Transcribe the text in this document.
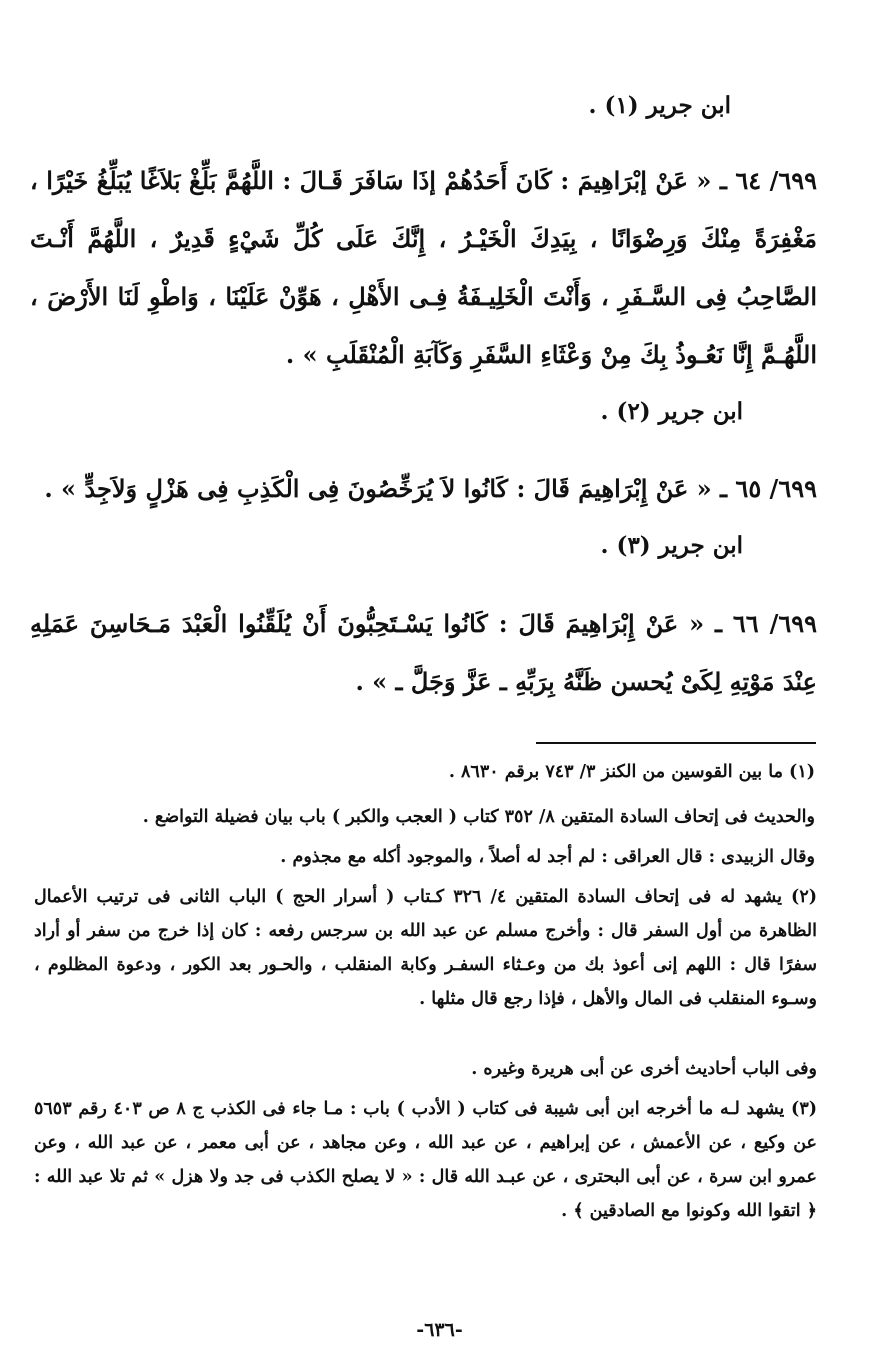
ابن جرير (١) .
٦٩٩/ ٦٤ ـ « عَنْ إبْرَاهِيمَ : كَانَ أَحَدُهُمْ إذَا سَافَرَ قَـالَ : اللَّهُمَّ بَلِّغْ بَلاَغًا يُبَلِّغُ خَيْرًا ، مَغْفِرَةً مِنْكَ وَرِضْوَانًا ، بِيَدِكَ الْخَيْـرُ ، إِنَّكَ عَلَى كُلِّ شَيْءٍ قَدِيرٌ ، اللَّهُمَّ أَنْـتَ الصَّاحِبُ فِى السَّـفَرِ ، وَأَنْتَ الْخَلِيـفَةُ فِـى الأَهْلِ ، هَوِّنْ عَلَيْنَا ، وَاطْوِ لَنَا الأَرْضَ ، اللَّهُـمَّ إِنَّا نَعُـوذُ بِكَ مِنْ وَعْثَاءِ السَّفَرِ وَكَآبَةِ الْمُنْقَلَبِ » .
ابن جرير (٢) .
٦٩٩/ ٦٥ ـ « عَنْ إِبْرَاهِيمَ قَالَ : كَانُوا لاَ يُرَخِّصُونَ فِى الْكَذِبِ فِى هَزْلٍ وَلاَجِدٍّ » .
ابن جرير (٣) .
٦٩٩/ ٦٦ ـ « عَنْ إِبْرَاهِيمَ قَالَ : كَانُوا يَسْـتَحِبُّونَ أَنْ يُلَقِّنُوا الْعَبْدَ مَـحَاسِنَ عَمَلِهِ عِنْدَ مَوْتِهِ لِكَىْ يُحسن ظَنَّهُ بِرَبِّهِ ـ عَزَّ وَجَلَّ ـ » .
(١) ما بين القوسين من الكنز ٣/ ٧٤٣ برقم ٨٦٣٠ .
والحديث فى إتحاف السادة المتقين ٨/ ٣٥٢ كتاب ( العجب والكبر ) باب بيان فضيلة التواضع .
وقال الزبيدى : قال العراقى : لم أجد له أصلاً ، والموجود أكله مع مجذوم .
(٢) يشهد له فى إتحاف السادة المتقين ٤/ ٣٢٦ كـتاب ( أسرار الحج ) الباب الثانى فى ترتيب الأعمال الظاهرة من أول السفر قال : وأخرج مسلم عن عبد الله بن سرجس رفعه : كان إذا خرج من سفر أو أراد سفرًا قال : اللهم إنى أعوذ بك من وعـثاء السفـر وكابة المنقلب ، والحـور بعد الكور ، ودعوة المظلوم ، وسـوء المنقلب فى المال والأهل ، فإذا رجع قال مثلها .
وفى الباب أحاديث أخرى عن أبى هريرة وغيره .
(٣) يشهد لـه ما أخرجه ابن أبى شيبة فى كتاب ( الأدب ) باب : مـا جاء فى الكذب ج ٨ ص ٤٠٣ رقم ٥٦٥٣ عن وكيع ، عن الأعمش ، عن إبراهيم ، عن عبد الله ، وعن مجاهد ، عن أبى معمر ، عن عبد الله ، وعن عمرو ابن سرة ، عن أبى البحترى ، عن عبـد الله قال : « لا يصلح الكذب فى جد ولا هزل » ثم تلا عبد الله : ﴿ اتقوا الله وكونوا مع الصادقين ﴾ .
-٦٣٦-
